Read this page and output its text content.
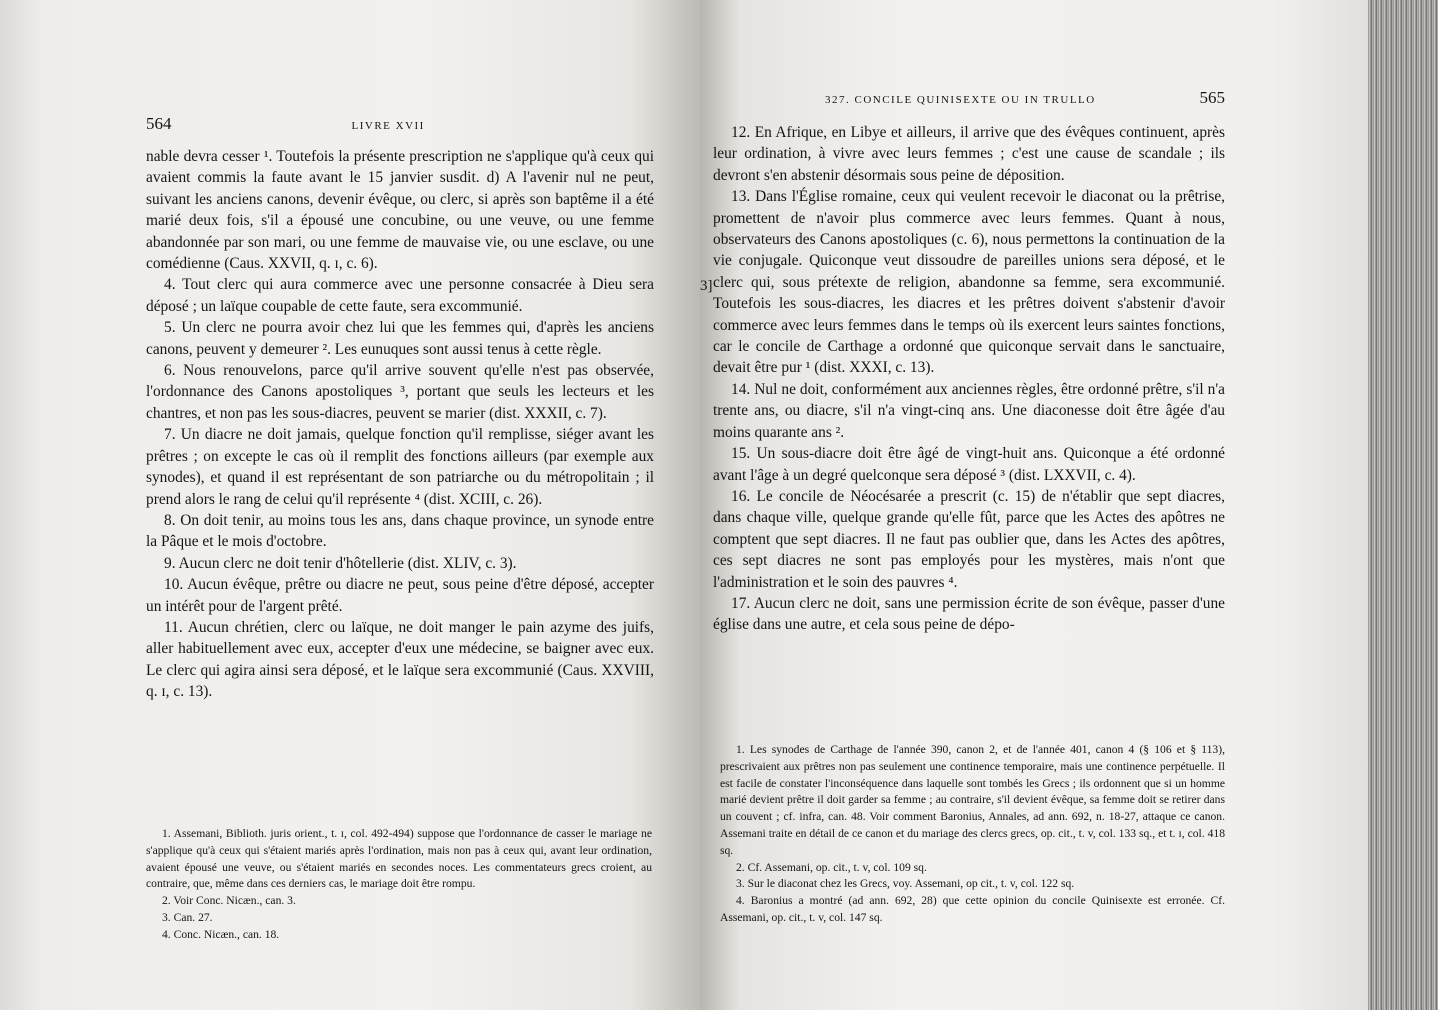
564	LIVRE XVII

nable devra cesser ¹. Toutefois la présente prescription ne s'applique qu'à ceux qui avaient commis la faute avant le 15 janvier susdit. d) A l'avenir nul ne peut, suivant les anciens canons, devenir évêque, ou clerc, si après son baptême il a été marié deux fois, s'il a épousé une concubine, ou une veuve, ou une femme abandonnée par son mari, ou une femme de mauvaise vie, ou une esclave, ou une comédienne (Caus. XXVII, q. ɪ, c. 6).

4. Tout clerc qui aura commerce avec une personne consacrée à Dieu sera déposé ; un laïque coupable de cette faute, sera excommunié.

5. Un clerc ne pourra avoir chez lui que les femmes qui, d'après les anciens canons, peuvent y demeurer ². Les eunuques sont aussi tenus à cette règle.

6. Nous renouvelons, parce qu'il arrive souvent qu'elle n'est pas observée, l'ordonnance des Canons apostoliques ³, portant que seuls les lecteurs et les chantres, et non pas les sous-diacres, peuvent se marier (dist. XXXII, c. 7).

7. Un diacre ne doit jamais, quelque fonction qu'il remplisse, siéger avant les prêtres ; on excepte le cas où il remplit des fonctions ailleurs (par exemple aux synodes), et quand il est représentant de son patriarche ou du métropolitain ; il prend alors le rang de celui qu'il représente ⁴ (dist. XCIII, c. 26).

8. On doit tenir, au moins tous les ans, dans chaque province, un synode entre la Pâque et le mois d'octobre.

9. Aucun clerc ne doit tenir d'hôtellerie (dist. XLIV, c. 3).

10. Aucun évêque, prêtre ou diacre ne peut, sous peine d'être déposé, accepter un intérêt pour de l'argent prêté.

11. Aucun chrétien, clerc ou laïque, ne doit manger le pain azyme des juifs, aller habituellement avec eux, accepter d'eux une médecine, se baigner avec eux. Le clerc qui agira ainsi sera déposé, et le laïque sera excommunié (Caus. XXVIII, q. ɪ, c. 13).

1. Assemani, Biblioth. juris orient., t. ɪ, col. 492-494) suppose que l'ordonnance de casser le mariage ne s'applique qu'à ceux qui s'étaient mariés après l'ordination, mais non pas à ceux qui, avant leur ordination, avaient épousé une veuve, ou s'étaient mariés en secondes noces. Les commentateurs grecs croient, au contraire, que, même dans ces derniers cas, le mariage doit être rompu.

2. Voir Conc. Nicæn., can. 3.

3. Can. 27.

4. Conc. Nicæn., can. 18.

3]
327. CONCILE QUINISEXTE OU IN TRULLO	565

12. En Afrique, en Libye et ailleurs, il arrive que des évêques continuent, après leur ordination, à vivre avec leurs femmes ; c'est une cause de scandale ; ils devront s'en abstenir désormais sous peine de déposition.

13. Dans l'Église romaine, ceux qui veulent recevoir le diaconat ou la prêtrise, promettent de n'avoir plus commerce avec leurs femmes. Quant à nous, observateurs des Canons apostoliques (c. 6), nous permettons la continuation de la vie conjugale. Quiconque veut dissoudre de pareilles unions sera déposé, et le clerc qui, sous prétexte de religion, abandonne sa femme, sera excommunié. Toutefois les sous-diacres, les diacres et les prêtres doivent s'abstenir d'avoir commerce avec leurs femmes dans le temps où ils exercent leurs saintes fonctions, car le concile de Carthage a ordonné que quiconque servait dans le sanctuaire, devait être pur ¹ (dist. XXXI, c. 13).

14. Nul ne doit, conformément aux anciennes règles, être ordonné prêtre, s'il n'a trente ans, ou diacre, s'il n'a vingt-cinq ans. Une diaconesse doit être âgée d'au moins quarante ans ².

15. Un sous-diacre doit être âgé de vingt-huit ans. Quiconque a été ordonné avant l'âge à un degré quelconque sera déposé ³ (dist. LXXVII, c. 4).

16. Le concile de Néocésarée a prescrit (c. 15) de n'établir que sept diacres, dans chaque ville, quelque grande qu'elle fût, parce que les Actes des apôtres ne comptent que sept diacres. Il ne faut pas oublier que, dans les Actes des apôtres, ces sept diacres ne sont pas employés pour les mystères, mais n'ont que l'administration et le soin des pauvres ⁴.

17. Aucun clerc ne doit, sans une permission écrite de son évêque, passer d'une église dans une autre, et cela sous peine de dépo-

1. Les synodes de Carthage de l'année 390, canon 2, et de l'année 401, canon 4 (§ 106 et § 113), prescrivaient aux prêtres non pas seulement une continence temporaire, mais une continence perpétuelle. Il est facile de constater l'inconséquence dans laquelle sont tombés les Grecs ; ils ordonnent que si un homme marié devient prêtre il doit garder sa femme ; au contraire, s'il devient évêque, sa femme doit se retirer dans un couvent ; cf. infra, can. 48. Voir comment Baronius, Annales, ad ann. 692, n. 18-27, attaque ce canon. Assemani traite en détail de ce canon et du mariage des clercs grecs, op. cit., t. v, col. 133 sq., et t. ɪ, col. 418 sq.

2. Cf. Assemani, op. cit., t. v, col. 109 sq.

3. Sur le diaconat chez les Grecs, voy. Assemani, op cit., t. v, col. 122 sq.

4. Baronius a montré (ad ann. 692, 28) que cette opinion du concile Quinisexte est erronée. Cf. Assemani, op. cit., t. v, col. 147 sq.
